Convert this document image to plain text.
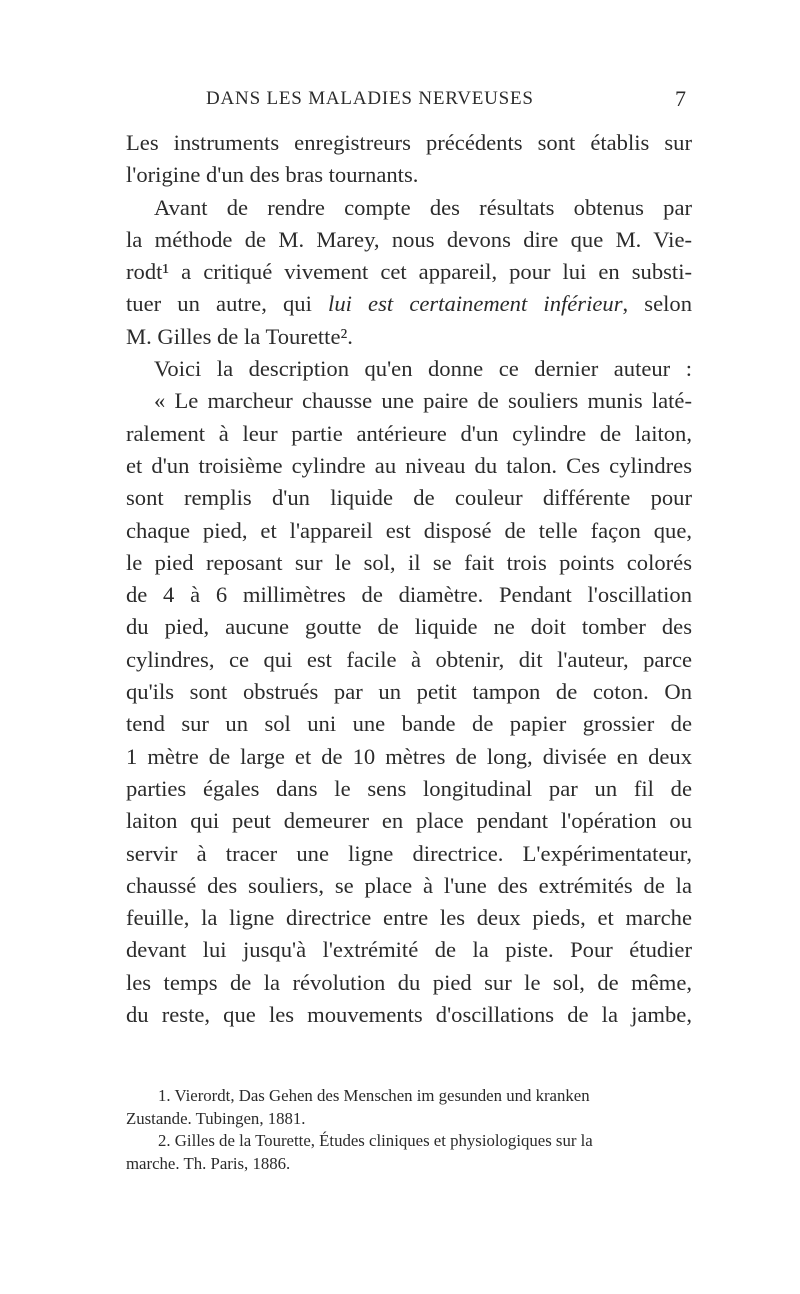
DANS LES MALADIES NERVEUSES	7
Les instruments enregistreurs précédents sont établis sur
l'origine d'un des bras tournants.
Avant de rendre compte des résultats obtenus par
la méthode de M. Marey, nous devons dire que M. Vie-
rodt¹ a critiqué vivement cet appareil, pour lui en substi-
tuer un autre, qui lui est certainement inférieur, selon
M. Gilles de la Tourette².
Voici la description qu'en donne ce dernier auteur :
« Le marcheur chausse une paire de souliers munis laté-
ralement à leur partie antérieure d'un cylindre de laiton,
et d'un troisième cylindre au niveau du talon. Ces cylindres
sont remplis d'un liquide de couleur différente pour
chaque pied, et l'appareil est disposé de telle façon que,
le pied reposant sur le sol, il se fait trois points colorés
de 4 à 6 millimètres de diamètre. Pendant l'oscillation
du pied, aucune goutte de liquide ne doit tomber des
cylindres, ce qui est facile à obtenir, dit l'auteur, parce
qu'ils sont obstrués par un petit tampon de coton. On
tend sur un sol uni une bande de papier grossier de
1 mètre de large et de 10 mètres de long, divisée en deux
parties égales dans le sens longitudinal par un fil de
laiton qui peut demeurer en place pendant l'opération ou
servir à tracer une ligne directrice. L'expérimentateur,
chaussé des souliers, se place à l'une des extrémités de la
feuille, la ligne directrice entre les deux pieds, et marche
devant lui jusqu'à l'extrémité de la piste. Pour étudier
les temps de la révolution du pied sur le sol, de même,
du reste, que les mouvements d'oscillations de la jambe,
1. Vierordt, Das Gehen des Menschen im gesunden und kranken
Zustande. Tubingen, 1881.
2. Gilles de la Tourette, Études cliniques et physiologiques sur la
marche. Th. Paris, 1886.
